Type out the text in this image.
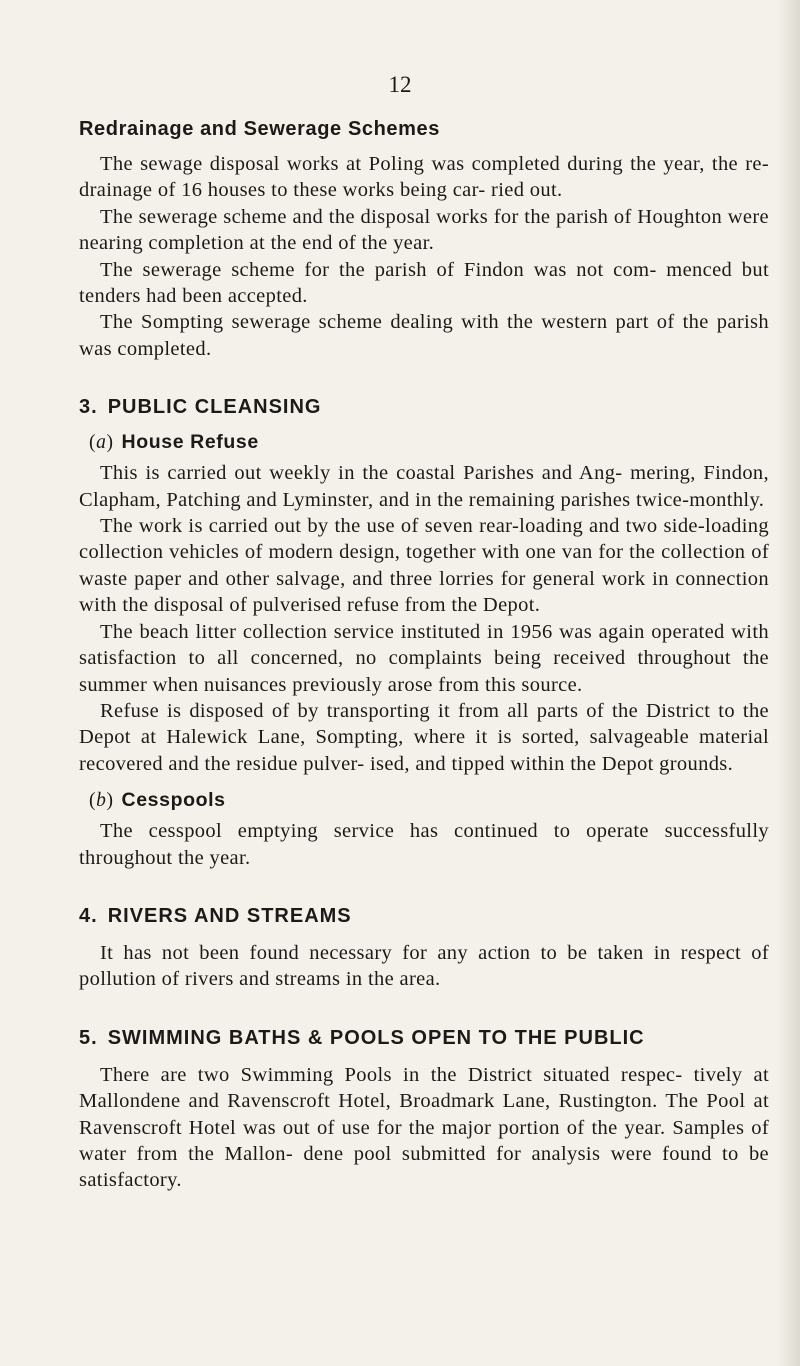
12
Redrainage and Sewerage Schemes

The sewage disposal works at Poling was completed during the year, the re-drainage of 16 houses to these works being car- ried out.

The sewerage scheme and the disposal works for the parish of Houghton were nearing completion at the end of the year.

The sewerage scheme for the parish of Findon was not com- menced but tenders had been accepted.

The Sompting sewerage scheme dealing with the western part of the parish was completed.

3. PUBLIC CLEANSING
(a) House Refuse

This is carried out weekly in the coastal Parishes and Ang- mering, Findon, Clapham, Patching and Lyminster, and in the remaining parishes twice-monthly.

The work is carried out by the use of seven rear-loading and two side-loading collection vehicles of modern design, together with one van for the collection of waste paper and other salvage, and three lorries for general work in connection with the disposal of pulverised refuse from the Depot.

The beach litter collection service instituted in 1956 was again operated with satisfaction to all concerned, no complaints being received throughout the summer when nuisances previously arose from this source.

Refuse is disposed of by transporting it from all parts of the District to the Depot at Halewick Lane, Sompting, where it is sorted, salvageable material recovered and the residue pulver- ised, and tipped within the Depot grounds.

(b) Cesspools

The cesspool emptying service has continued to operate successfully throughout the year.

4. RIVERS AND STREAMS

It has not been found necessary for any action to be taken in respect of pollution of rivers and streams in the area.

5. SWIMMING BATHS & POOLS OPEN TO THE PUBLIC

There are two Swimming Pools in the District situated respec- tively at Mallondene and Ravenscroft Hotel, Broadmark Lane, Rustington. The Pool at Ravenscroft Hotel was out of use for the major portion of the year. Samples of water from the Mallon- dene pool submitted for analysis were found to be satisfactory.
